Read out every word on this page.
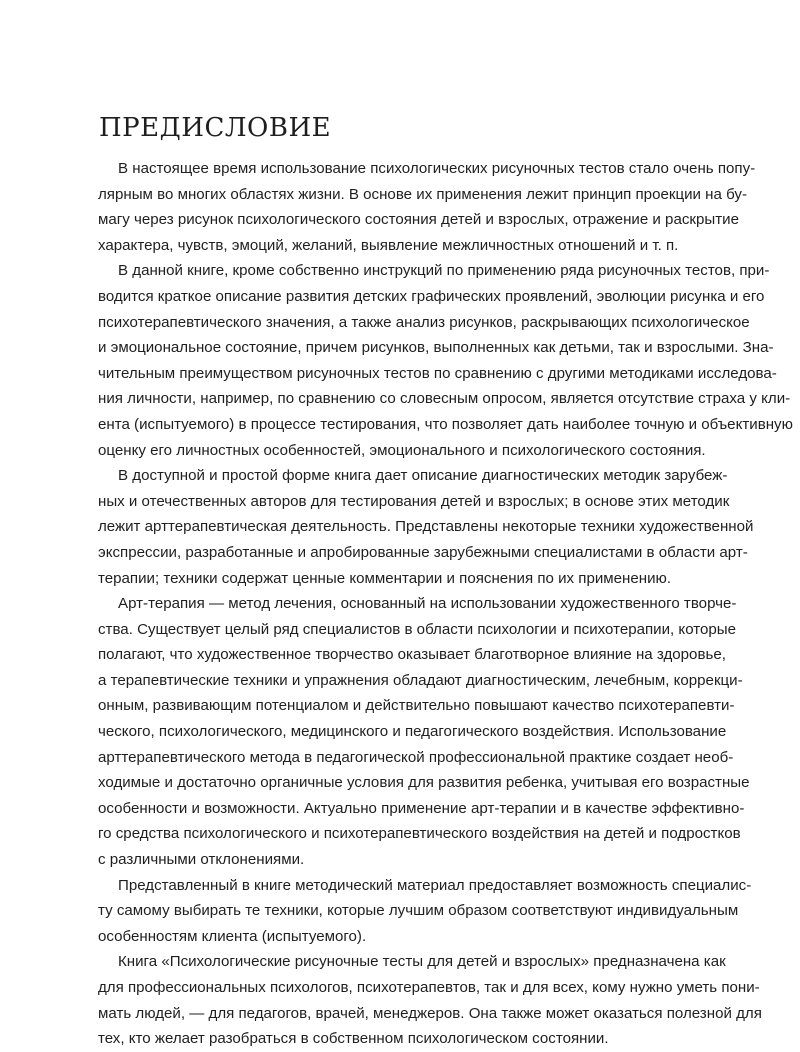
ПРЕДИСЛОВИЕ

В настоящее время использование психологических рисуночных тестов стало очень попу-
лярным во многих областях жизни. В основе их применения лежит принцип проекции на бу-
магу через рисунок психологического состояния детей и взрослых, отражение и раскрытие
характера, чувств, эмоций, желаний, выявление межличностных отношений и т. п.

В данной книге, кроме собственно инструкций по применению ряда рисуночных тестов, при-
водится краткое описание развития детских графических проявлений, эволюции рисунка и его
психотерапевтического значения, а также анализ рисунков, раскрывающих психологическое
и эмоциональное состояние, причем рисунков, выполненных как детьми, так и взрослыми. Зна-
чительным преимуществом рисуночных тестов по сравнению с другими методиками исследова-
ния личности, например, по сравнению со словесным опросом, является отсутствие страха у кли-
ента (испытуемого) в процессе тестирования, что позволяет дать наиболее точную и объективную
оценку его личностных особенностей, эмоционального и психологического состояния.

В доступной и простой форме книга дает описание диагностических методик зарубеж-
ных и отечественных авторов для тестирования детей и взрослых; в основе этих методик
лежит арттерапевтическая деятельность. Представлены некоторые техники художественной
экспрессии, разработанные и апробированные зарубежными специалистами в области арт-
терапии; техники содержат ценные комментарии и пояснения по их применению.

Арт-терапия — метод лечения, основанный на использовании художественного творче-
ства. Существует целый ряд специалистов в области психологии и психотерапии, которые
полагают, что художественное творчество оказывает благотворное влияние на здоровье,
а терапевтические техники и упражнения обладают диагностическим, лечебным, коррекци-
онным, развивающим потенциалом и действительно повышают качество психотерапевти-
ческого, психологического, медицинского и педагогического воздействия. Использование
арттерапевтического метода в педагогической профессиональной практике создает необ-
ходимые и достаточно органичные условия для развития ребенка, учитывая его возрастные
особенности и возможности. Актуально применение арт-терапии и в качестве эффективно-
го средства психологического и психотерапевтического воздействия на детей и подростков
с различными отклонениями.

Представленный в книге методический материал предоставляет возможность специалис-
ту самому выбирать те техники, которые лучшим образом соответствуют индивидуальным
особенностям клиента (испытуемого).

Книга «Психологические рисуночные тесты для детей и взрослых» предназначена как
для профессиональных психологов, психотерапевтов, так и для всех, кому нужно уметь пони-
мать людей, — для педагогов, врачей, менеджеров. Она также может оказаться полезной для
тех, кто желает разобраться в собственном психологическом состоянии.
